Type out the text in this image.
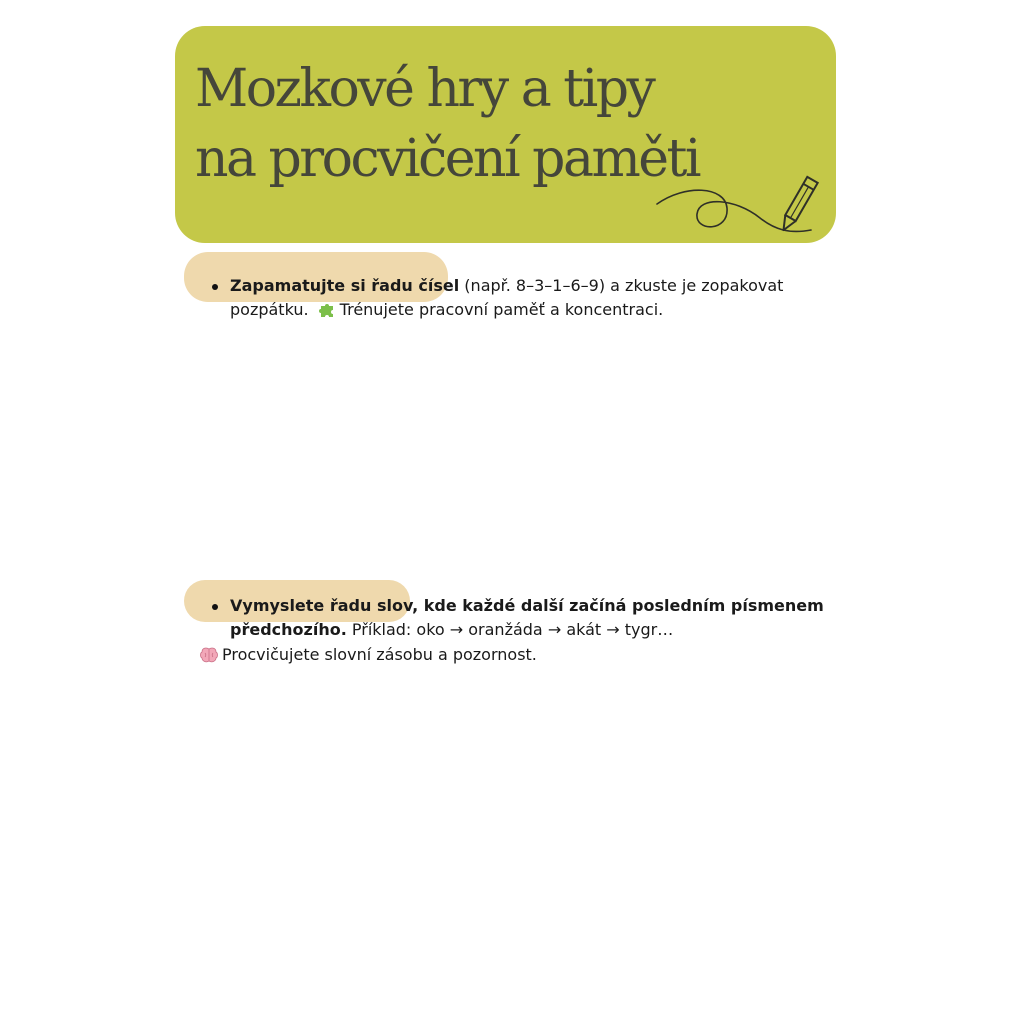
Mozkové hry a tipy
na procvičení paměti
Zapamatujte si řadu čísel (např. 8–3–1–6–9) a zkuste je zopakovat pozpátku. Trénujete pracovní paměť a koncentraci.
Vymyslete řadu slov, kde každé další začíná posledním písmenem předchozího. Příklad: oko → oranžáda → akát → tygr…
Procvičujete slovní zásobu a pozornost.
